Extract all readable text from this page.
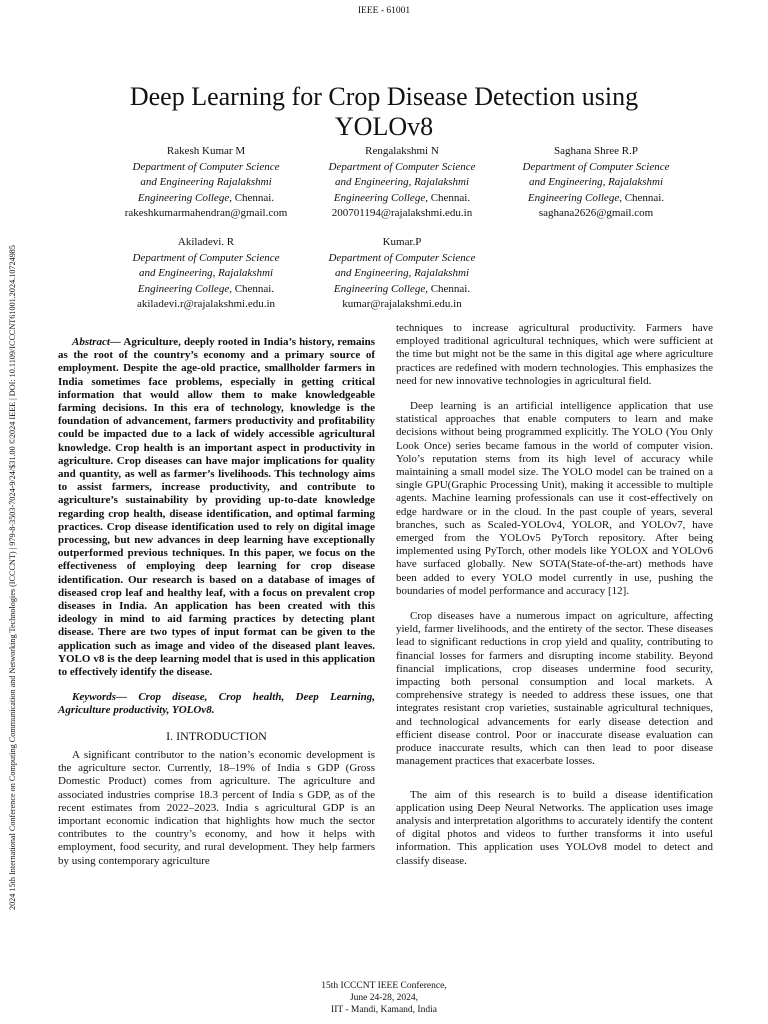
IEEE - 61001
2024 15th International Conference on Computing Communication and Networking Technologies (ICCCNT) | 979-8-3503-7024-9/24/$31.00 ©2024 IEEE | DOI: 10.1109/ICCCNT61001.2024.10724985
Deep Learning for Crop Disease Detection using YOLOv8
Rakesh Kumar M
Department of Computer Science
and Engineering Rajalakshmi
Engineering College, Chennai.
rakeshkumarmahendran@gmail.com
Rengalakshmi N
Department of Computer Science
and Engineering, Rajalakshmi
Engineering College, Chennai.
200701194@rajalakshmi.edu.in
Saghana Shree R.P
Department of Computer Science
and Engineering, Rajalakshmi
Engineering College, Chennai.
saghana2626@gmail.com
Akiladevi. R
Department of Computer Science
and Engineering, Rajalakshmi
Engineering College, Chennai.
akiladevi.r@rajalakshmi.edu.in
Kumar.P
Department of Computer Science
and Engineering, Rajalakshmi
Engineering College, Chennai.
kumar@rajalakshmi.edu.in

Abstract— Agriculture, deeply rooted in India’s history, remains as the root of the country’s economy and a primary source of employment. Despite the age-old practice, smallholder farmers in India sometimes face problems, especially in getting critical information that would allow them to make knowledgeable farming decisions. In this era of technology, knowledge is the foundation of advancement, farmers productivity and profitability could be impacted due to a lack of widely accessible agricultural knowledge. Crop health is an important aspect in productivity in agriculture. Crop diseases can have major implications for quality and quantity, as well as farmer’s livelihoods. This technology aims to assist farmers, increase productivity, and contribute to agriculture’s sustainability by providing up-to-date knowledge regarding crop health, disease identification, and optimal farming practices. Crop disease identification used to rely on digital image processing, but new advances in deep learning have exceptionally outperformed previous techniques. In this paper, we focus on the effectiveness of employing deep learning for crop disease identification. Our research is based on a database of images of diseased crop leaf and healthy leaf, with a focus on prevalent crop diseases in India. An application has been created with this ideology in mind to aid farming practices by detecting plant disease. There are two types of input format can be given to the application such as image and video of the diseased plant leaves. YOLO v8 is the deep learning model that is used in this application to effectively identify the disease.

Keywords— Crop disease, Crop health, Deep Learning, Agriculture productivity, YOLOv8.

I. INTRODUCTION

A significant contributor to the nation’s economic development is the agriculture sector. Currently, 18–19% of India s GDP (Gross Domestic Product) comes from agriculture. The agriculture and associated industries comprise 18.3 percent of India s GDP, as of the recent estimates from 2022–2023. India s agricultural GDP is an important economic indication that highlights how much the sector contributes to the country’s economy, and how it helps with employment, food security, and rural development. They help farmers by using contemporary agriculture

techniques to increase agricultural productivity. Farmers have employed traditional agricultural techniques, which were sufficient at the time but might not be the same in this digital age where agriculture practices are redefined with modern technologies. This emphasizes the need for new innovative technologies in agricultural field.

Deep learning is an artificial intelligence application that use statistical approaches that enable computers to learn and make decisions without being programmed explicitly. The YOLO (You Only Look Once) series became famous in the world of computer vision. Yolo’s reputation stems from its high level of accuracy while maintaining a small model size. The YOLO model can be trained on a single GPU(Graphic Processing Unit), making it accessible to multiple agents. Machine learning professionals can use it cost-effectively on edge hardware or in the cloud. In the past couple of years, several branches, such as Scaled-YOLOv4, YOLOR, and YOLOv7, have emerged from the YOLOv5 PyTorch repository. After being implemented using PyTorch, other models like YOLOX and YOLOv6 have surfaced globally. New SOTA(State-of-the-art) methods have been added to every YOLO model currently in use, pushing the boundaries of model performance and accuracy [12].

Crop diseases have a numerous impact on agriculture, affecting yield, farmer livelihoods, and the entirety of the sector. These diseases lead to significant reductions in crop yield and quality, contributing to financial losses for farmers and disrupting income stability. Beyond financial implications, crop diseases undermine food security, impacting both personal consumption and local markets. A comprehensive strategy is needed to address these issues, one that integrates resistant crop varieties, sustainable agricultural techniques, and technological advancements for early disease detection and efficient disease control. Poor or inaccurate disease evaluation can produce inaccurate results, which can then lead to poor disease management practices that exacerbate losses.

The aim of this research is to build a disease identification application using Deep Neural Networks. The application uses image analysis and interpretation algorithms to accurately identify the content of digital photos and videos to further transforms it into useful information. This application uses YOLOv8 model to detect and classify disease.

15th ICCCNT IEEE Conference,
June 24-28, 2024,
IIT - Mandi, Kamand, India
